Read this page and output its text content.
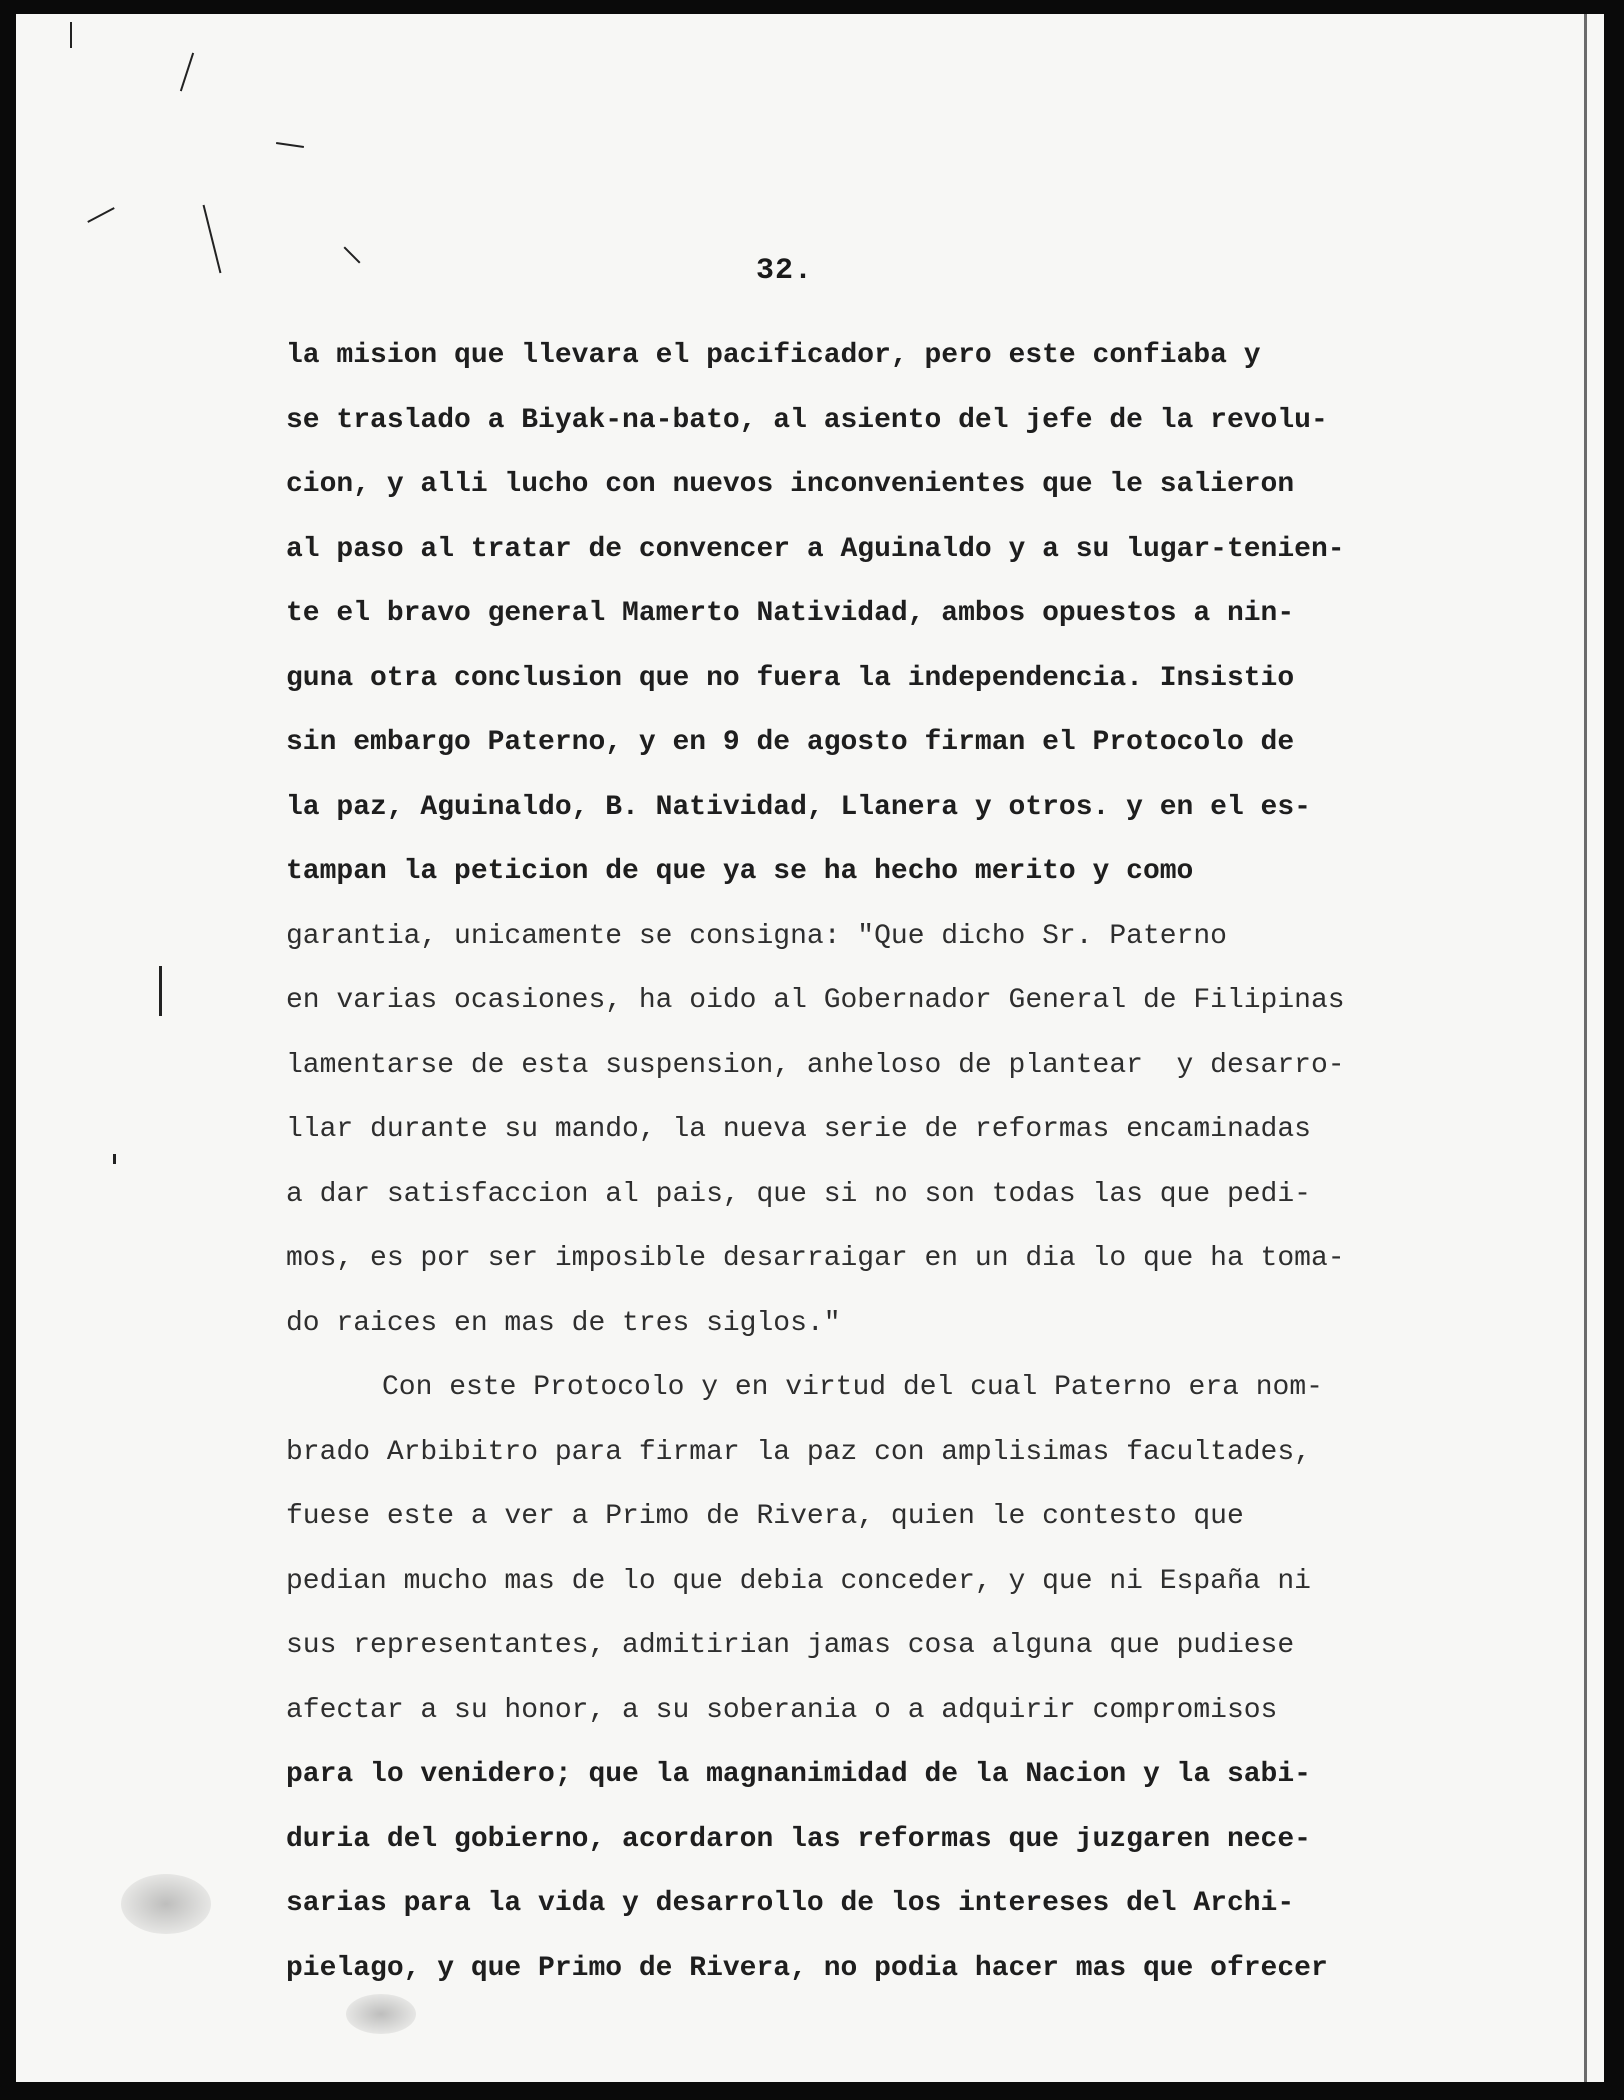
32.
la mision que llevara el pacificador, pero este confiaba y
se traslado a Biyak-na-bato, al asiento del jefe de la revolu-
cion, y alli lucho con nuevos inconvenientes que le salieron
al paso al tratar de convencer a Aguinaldo y a su lugar-tenien-
te el bravo general Mamerto Natividad, ambos opuestos a nin-
guna otra conclusion que no fuera la independencia. Insistio
sin embargo Paterno, y en 9 de agosto firman el Protocolo de
la paz, Aguinaldo, B. Natividad, Llanera y otros. y en el es-
tampan la peticion de que ya se ha hecho merito y como
garantia, unicamente se consigna: "Que dicho Sr. Paterno
en varias ocasiones, ha oido al Gobernador General de Filipinas
lamentarse de esta suspension, anheloso de plantear  y desarro-
llar durante su mando, la nueva serie de reformas encaminadas
a dar satisfaccion al pais, que si no son todas las que pedi-
mos, es por ser imposible desarraigar en un dia lo que ha toma-
do raices en mas de tres siglos."
Con este Protocolo y en virtud del cual Paterno era nom-
brado Arbibitro para firmar la paz con amplisimas facultades,
fuese este a ver a Primo de Rivera, quien le contesto que
pedian mucho mas de lo que debia conceder, y que ni España ni
sus representantes, admitirian jamas cosa alguna que pudiese
afectar a su honor, a su soberania o a adquirir compromisos
para lo venidero; que la magnanimidad de la Nacion y la sabi-
duria del gobierno, acordaron las reformas que juzgaren nece-
sarias para la vida y desarrollo de los intereses del Archi-
pielago, y que Primo de Rivera, no podia hacer mas que ofrecer
